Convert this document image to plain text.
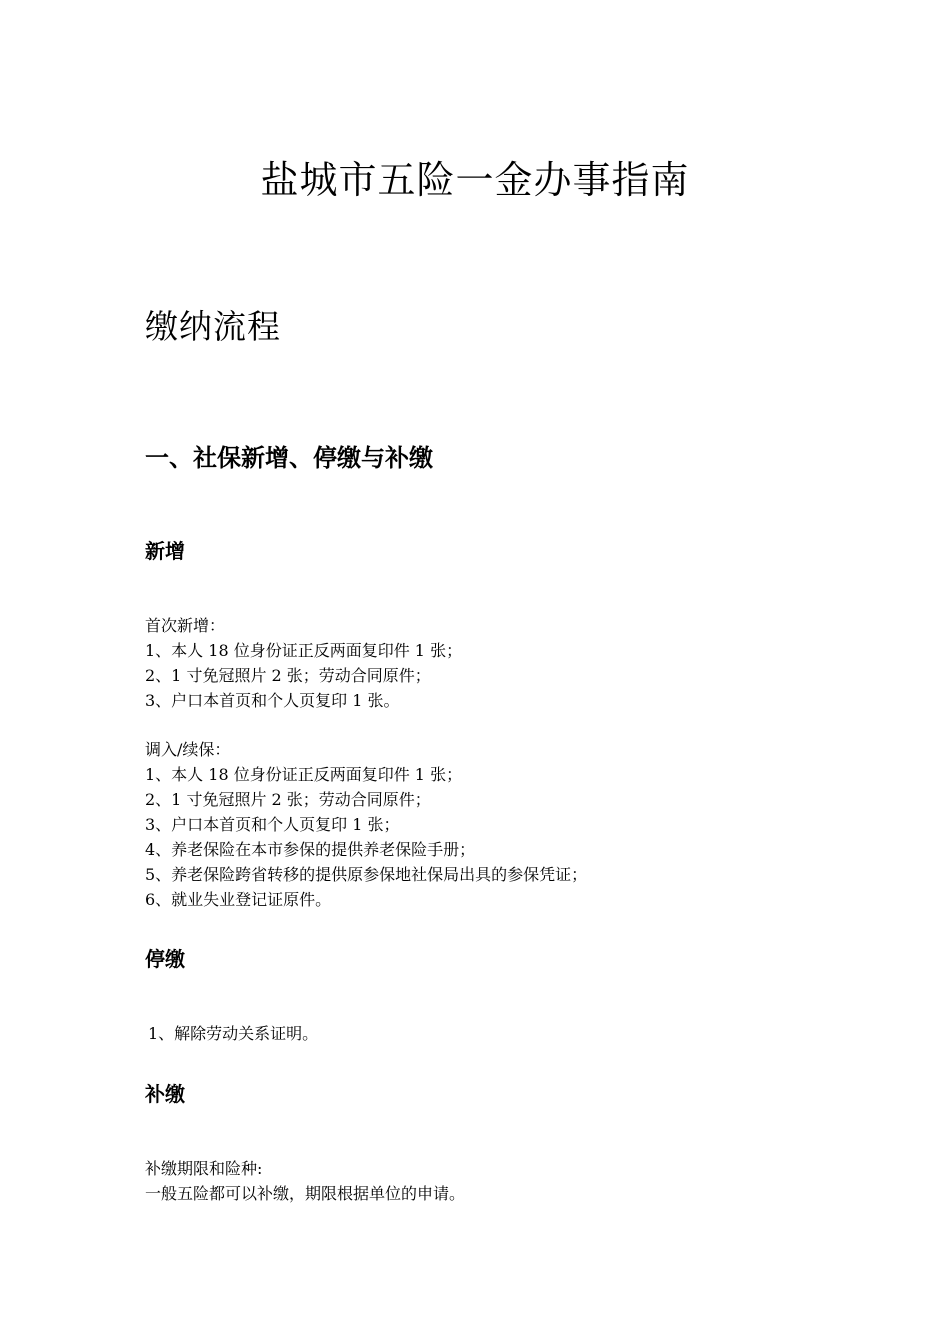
盐城市五险一金办事指南
缴纳流程
一、社保新增、停缴与补缴
新增
首次新增：
1、本人 18 位身份证正反两面复印件 1 张；
2、1 寸免冠照片 2 张；劳动合同原件；
3、户口本首页和个人页复印 1 张。
调入/续保：
1、本人 18 位身份证正反两面复印件 1 张；
2、1 寸免冠照片 2 张；劳动合同原件；
3、户口本首页和个人页复印 1 张；
4、养老保险在本市参保的提供养老保险手册；
5、养老保险跨省转移的提供原参保地社保局出具的参保凭证；
6、就业失业登记证原件。
停缴
1、解除劳动关系证明。
补缴
补缴期限和险种:
一般五险都可以补缴，期限根据单位的申请。
